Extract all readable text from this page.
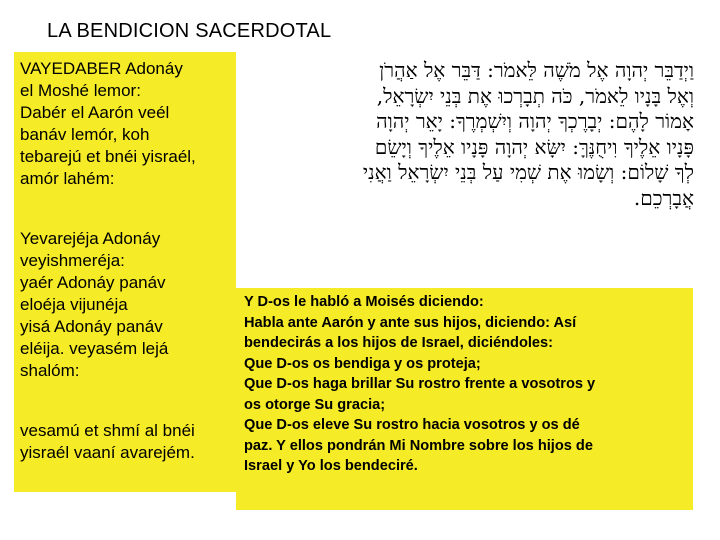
LA BENDICION SACERDOTAL
VAYEDABER Adonáy
el Moshé lemor:
Dabér el Aarón veél
banáv lemór, koh
tebarejú et bnéi yisraél,
amór lahém:
Yevarejéja Adonáy
veyishmeréja:
yaér Adonáy panáv
eloéja vijunéja
yisá Adonáy panáv
eléija. veyasém lejá
shalóm:
vesamú et shmí al bnéi
yisraél vaaní avarejém.
וַיְדַבֵּר יְהוָה אֶל מֹשֶׁה לֵּאמֹר: דַּבֵּר אֶל אַהֲרֹן
וְאֶל בָּנָיו לֵאמֹר, כֹּה תְבָרְכוּ אֶת בְּנֵי יִשְׂרָאֵל,
אָמוֹר לָהֶם: יְבָרֶכְךָ יְהוָה וְיִשְׁמְרֶךָ: יָאֵר יְהוָה
פָּנָיו אֵלֶיךָ וִיחֻנֶּךָּ: יִשָּׂא יְהוָה פָּנָיו אֵלֶיךָ וְיָשֵׂם
לְךָ שָׁלוֹם: וְשָׂמוּ אֶת שְׁמִי עַל בְּנֵי יִשְׂרָאֵל וַאֲנִי
אֲבָרְכֵם.
Y D-os le habló a Moisés diciendo:
Habla ante Aarón y ante sus hijos, diciendo: Así
bendecirás a los hijos de Israel, diciéndoles:
Que D-os os bendiga y os proteja;
Que D-os haga brillar Su rostro frente a vosotros y
os otorge Su gracia;
Que D-os eleve Su rostro hacia vosotros y os dé
paz. Y ellos pondrán Mi Nombre sobre los hijos de
Israel y Yo los bendeciré.
